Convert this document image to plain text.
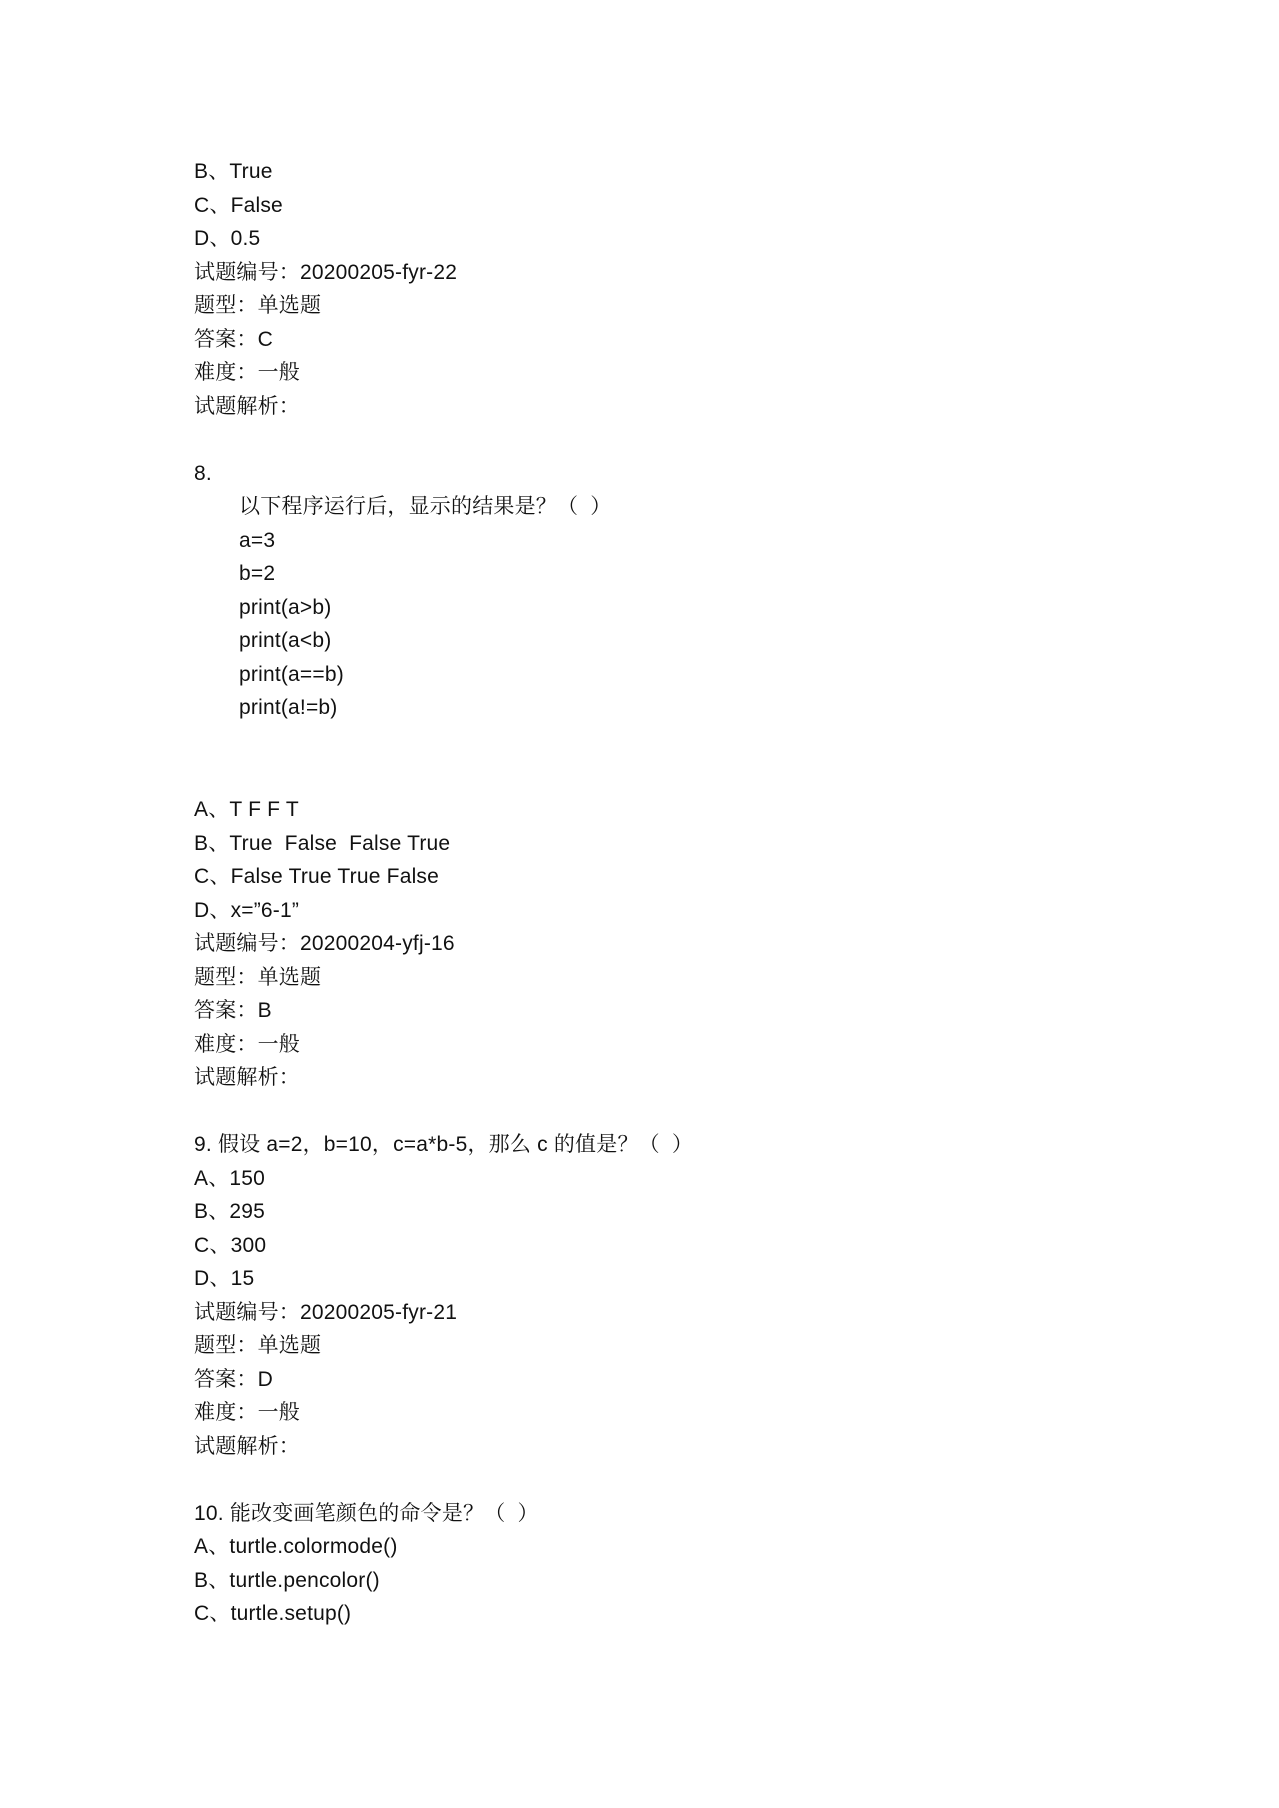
B、True
C、False
D、0.5
试题编号：20200205-fyr-22
题型：单选题
答案：C
难度：一般
试题解析：
8.
以下程序运行后，显示的结果是？（  ）
a=3
b=2
print(a>b)
print(a<b)
print(a==b)
print(a!=b)
A、T F F T
B、True  False  False True
C、False True True False
D、x=”6-1”
试题编号：20200204-yfj-16
题型：单选题
答案：B
难度：一般
试题解析：
9. 假设 a=2，b=10，c=a*b-5，那么 c 的值是？（  ）
A、150
B、295
C、300
D、15
试题编号：20200205-fyr-21
题型：单选题
答案：D
难度：一般
试题解析：
10. 能改变画笔颜色的命令是？（  ）
A、turtle.colormode()
B、turtle.pencolor()
C、turtle.setup()
